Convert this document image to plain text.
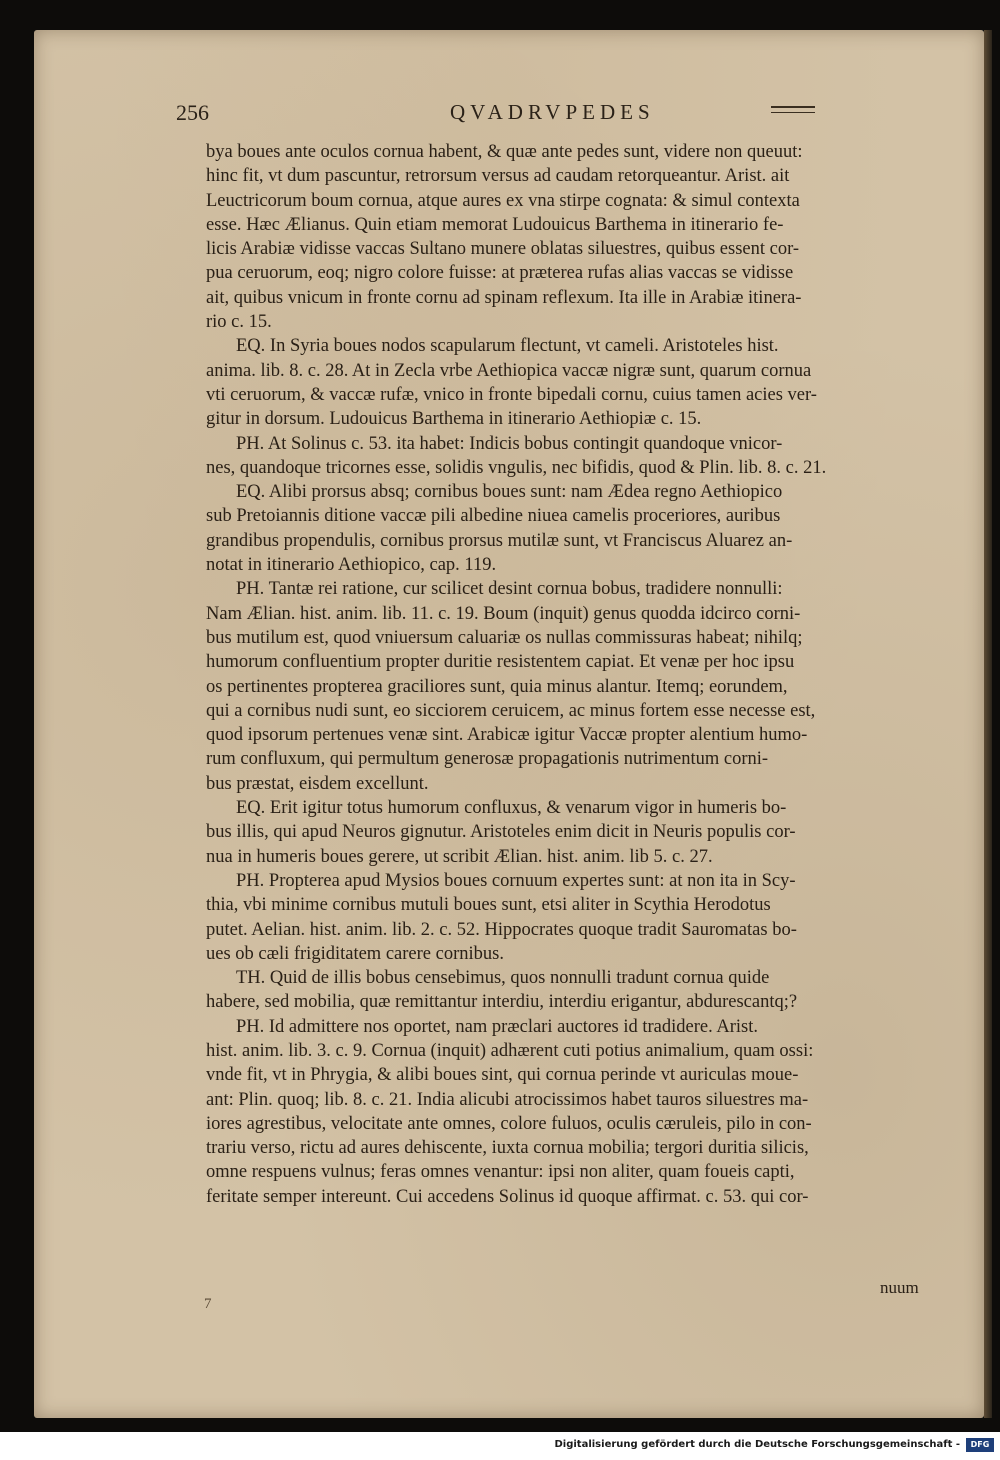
256	QVADRVPEDES
bya boues ante oculos cornua habent, & quæ ante pedes sunt, videre non queuut:
hinc fit, vt dum pascuntur, retrorsum versus ad caudam retorqueantur. Arist. ait
Leuctricorum boum cornua, atque aures ex vna stirpe cognata: & simul contexta
esse. Hæc Ælianus. Quin etiam memorat Ludouicus Barthema in itinerario fe-
licis Arabiæ vidisse vaccas Sultano munere oblatas siluestres, quibus essent cor-
pua ceruorum, eoq; nigro colore fuisse: at præterea rufas alias vaccas se vidisse
ait, quibus vnicum in fronte cornu ad spinam reflexum. Ita ille in Arabiæ itinera-
rio c. 15.
EQ. In Syria boues nodos scapularum flectunt, vt cameli. Aristoteles hist.
anima. lib. 8. c. 28. At in Zecla vrbe Aethiopica vaccæ nigræ sunt, quarum cornua
vti ceruorum, & vaccæ rufæ, vnico in fronte bipedali cornu, cuius tamen acies ver-
gitur in dorsum. Ludouicus Barthema in itinerario Aethiopiæ c. 15.
PH. At Solinus c. 53. ita habet: Indicis bobus contingit quandoque vnicor-
nes, quandoque tricornes esse, solidis vngulis, nec bifidis, quod & Plin. lib. 8. c. 21.
EQ. Alibi prorsus absq; cornibus boues sunt: nam Ædea regno Aethiopico
sub Pretoiannis ditione vaccæ pili albedine niuea camelis proceriores, auribus
grandibus propendulis, cornibus prorsus mutilæ sunt, vt Franciscus Aluarez an-
notat in itinerario Aethiopico, cap. 119.
PH. Tantæ rei ratione, cur scilicet desint cornua bobus, tradidere nonnulli:
Nam Ælian. hist. anim. lib. 11. c. 19. Boum (inquit) genus quodda idcirco corni-
bus mutilum est, quod vniuersum caluariæ os nullas commissuras habeat; nihilq;
humorum confluentium propter duritie resistentem capiat. Et venæ per hoc ipsu
os pertinentes propterea graciliores sunt, quia minus alantur. Itemq; eorundem,
qui a cornibus nudi sunt, eo sicciorem ceruicem, ac minus fortem esse necesse est,
quod ipsorum pertenues venæ sint. Arabicæ igitur Vaccæ propter alentium humo-
rum confluxum, qui permultum generosæ propagationis nutrimentum corni-
bus præstat, eisdem excellunt.
EQ. Erit igitur totus humorum confluxus, & venarum vigor in humeris bo-
bus illis, qui apud Neuros gignutur. Aristoteles enim dicit in Neuris populis cor-
nua in humeris boues gerere, ut scribit Ælian. hist. anim. lib 5. c. 27.
PH. Propterea apud Mysios boues cornuum expertes sunt: at non ita in Scy-
thia, vbi minime cornibus mutuli boues sunt, etsi aliter in Scythia Herodotus
putet. Aelian. hist. anim. lib. 2. c. 52. Hippocrates quoque tradit Sauromatas bo-
ues ob cæli frigiditatem carere cornibus.
TH. Quid de illis bobus censebimus, quos nonnulli tradunt cornua quide
habere, sed mobilia, quæ remittantur interdiu, interdiu erigantur, abdurescantq;?
PH. Id admittere nos oportet, nam præclari auctores id tradidere. Arist.
hist. anim. lib. 3. c. 9. Cornua (inquit) adhærent cuti potius animalium, quam ossi:
vnde fit, vt in Phrygia, & alibi boues sint, qui cornua perinde vt auriculas moue-
ant: Plin. quoq; lib. 8. c. 21. India alicubi atrocissimos habet tauros siluestres ma-
iores agrestibus, velocitate ante omnes, colore fuluos, oculis cæruleis, pilo in con-
trariu verso, rictu ad aures dehiscente, iuxta cornua mobilia; tergori duritia silicis,
omne respuens vulnus; feras omnes venantur: ipsi non aliter, quam foueis capti,
feritate semper intereunt. Cui accedens Solinus id quoque affirmat. c. 53. qui cor-
7
nuum
Digitalisierung gefördert durch die Deutsche Forschungsgemeinschaft -	DFG
